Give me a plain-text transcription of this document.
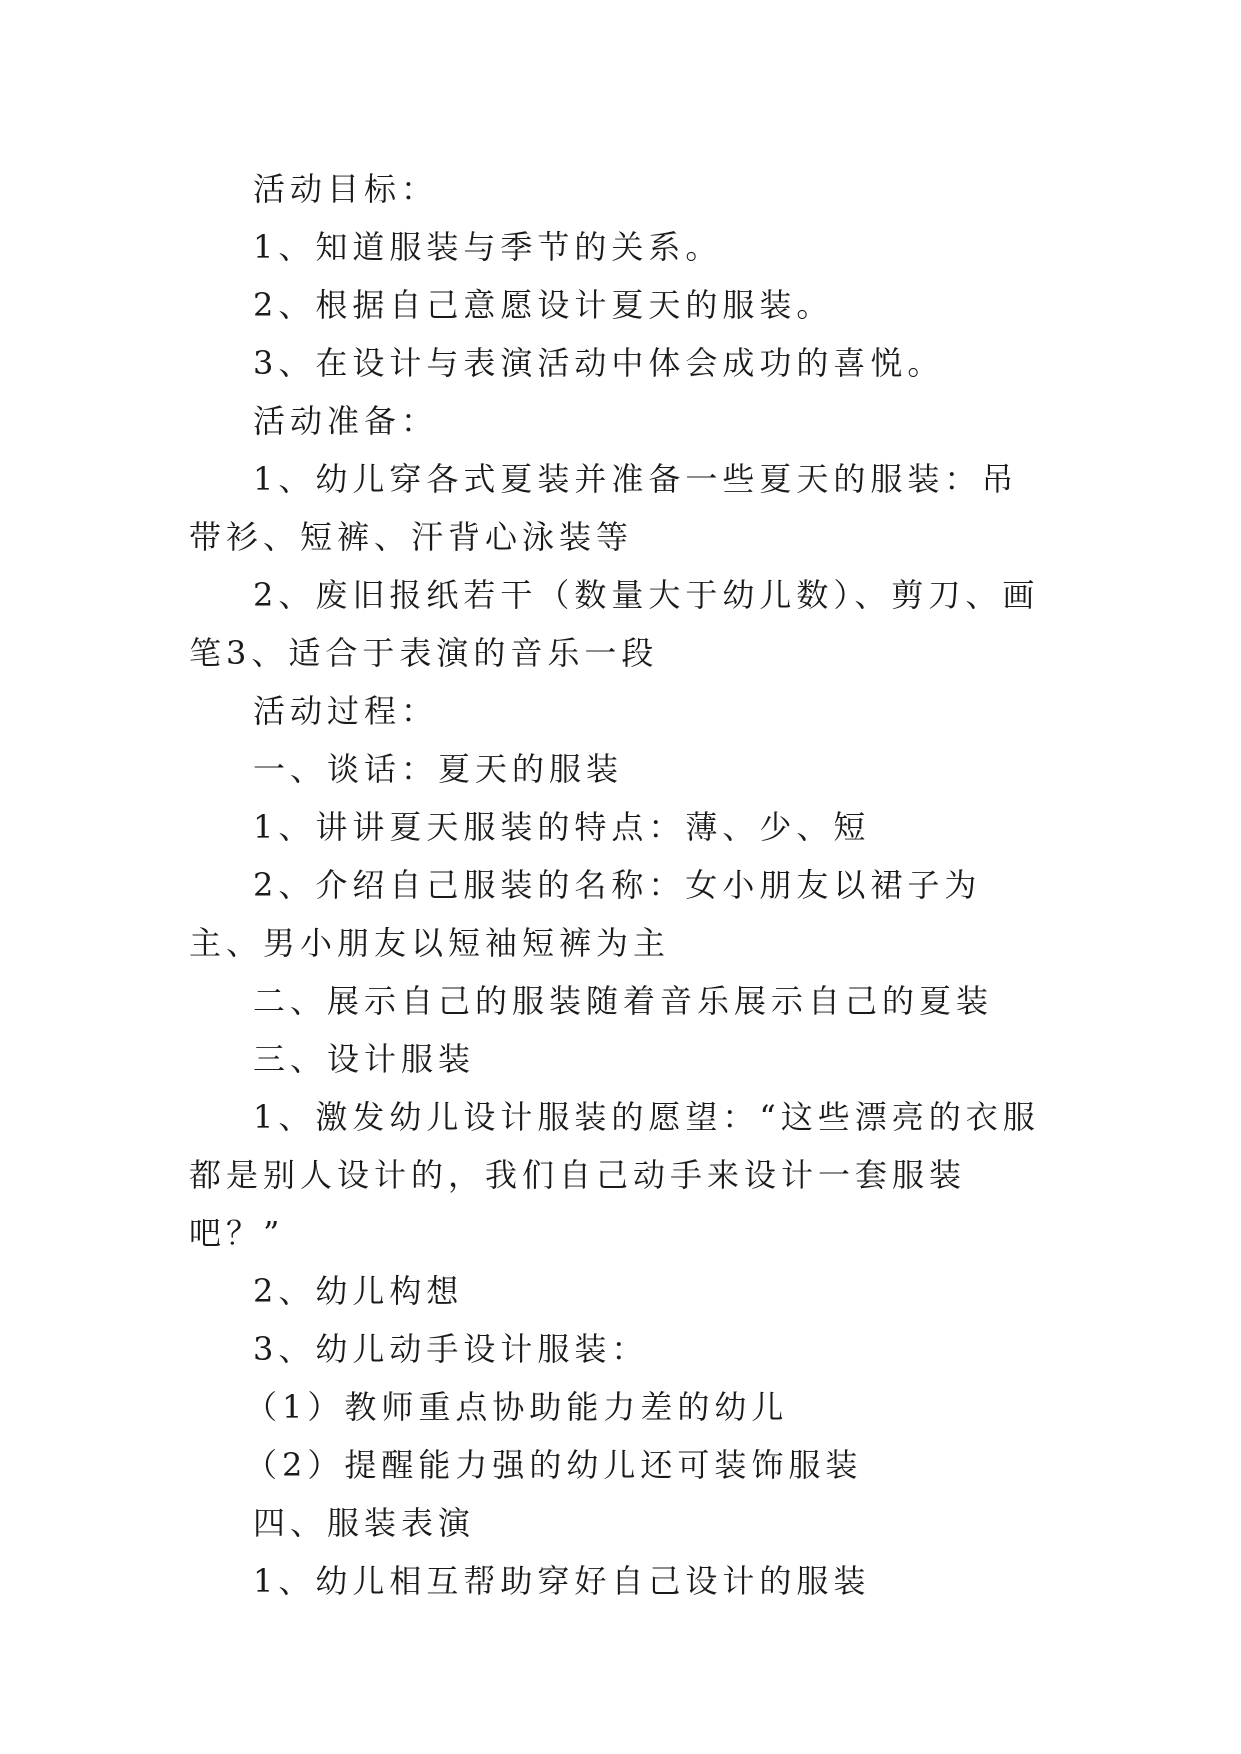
活动目标：

1、知道服装与季节的关系。

2、根据自己意愿设计夏天的服装。

3、在设计与表演活动中体会成功的喜悦。

活动准备：

1、幼儿穿各式夏装并准备一些夏天的服装：吊带衫、短裤、汗背心泳装等

2、废旧报纸若干（数量大于幼儿数）、剪刀、画笔3、适合于表演的音乐一段

活动过程：

一、谈话：夏天的服装

1、讲讲夏天服装的特点：薄、少、短

2、介绍自己服装的名称：女小朋友以裙子为主、男小朋友以短袖短裤为主

二、展示自己的服装随着音乐展示自己的夏装

三、设计服装

1、激发幼儿设计服装的愿望：“这些漂亮的衣服都是别人设计的，我们自己动手来设计一套服装吧？”

2、幼儿构想

3、幼儿动手设计服装：

（1）教师重点协助能力差的幼儿

（2）提醒能力强的幼儿还可装饰服装

四、服装表演

1、幼儿相互帮助穿好自己设计的服装
